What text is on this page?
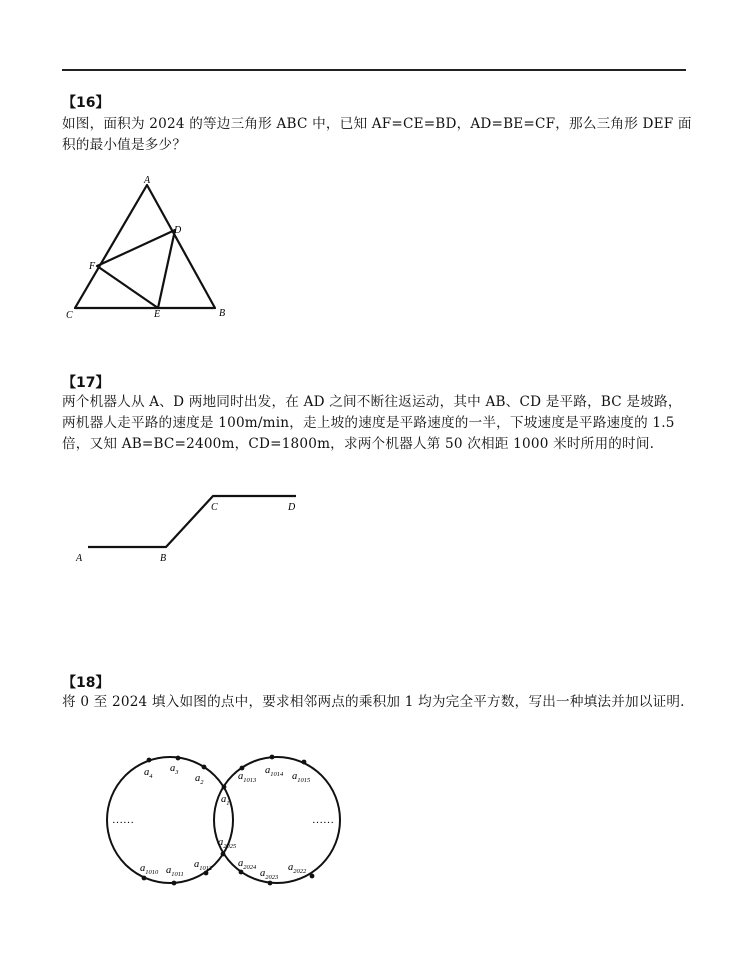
【16】
如图，面积为 2024 的等边三角形 ABC 中，已知 AF=CE=BD，AD=BE=CF，那么三角形 DEF 面积的最小值是多少？
A
B
C
D
E
F
【17】
两个机器人从 A、D 两地同时出发，在 AD 之间不断往返运动，其中 AB、CD 是平路，BC 是坡路，两机器人走平路的速度是 100m/min，走上坡的速度是平路速度的一半，下坡速度是平路速度的 1.5 倍，又知 AB=BC=2400m，CD=1800m，求两个机器人第 50 次相距 1000 米时所用的时间.
A	B
C	D
【18】
将 0 至 2024 填入如图的点中，要求相邻两点的乘积加 1 均为完全平方数，写出一种填法并加以证明.
$a_4$
$a_3$
$a_2$
$a_1$
$a_{1013}$
$a_{1014}$ $a_{1015}$
$a_{1010}$ $a_{1011}$
$a_{1012}$
$a_{2025}$
$a_{2024}$
$a_{2023}$
$a_{2022}$
……	……
